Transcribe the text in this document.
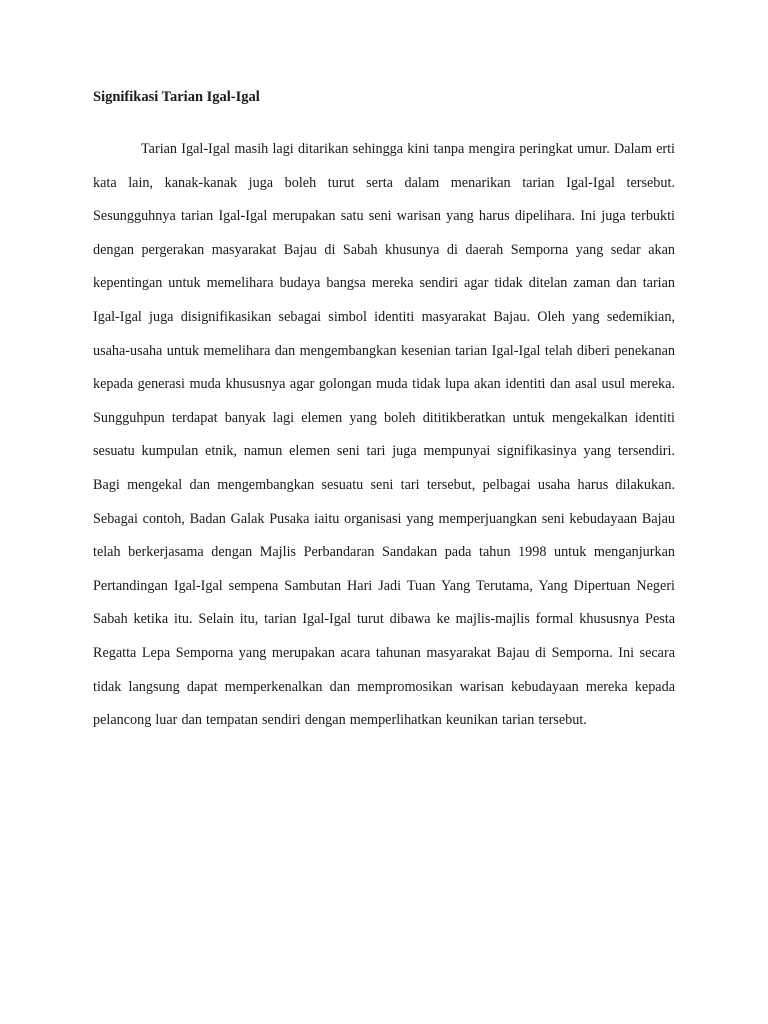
Signifikasi Tarian Igal-Igal

Tarian Igal-Igal masih lagi ditarikan sehingga kini tanpa mengira peringkat umur. Dalam erti kata lain, kanak-kanak juga boleh turut serta dalam menarikan tarian Igal-Igal tersebut. Sesungguhnya tarian Igal-Igal merupakan satu seni warisan yang harus dipelihara. Ini juga terbukti dengan pergerakan masyarakat Bajau di Sabah khusunya di daerah Semporna yang sedar akan kepentingan untuk memelihara budaya bangsa mereka sendiri agar tidak ditelan zaman dan tarian Igal-Igal juga disignifikasikan sebagai simbol identiti masyarakat Bajau. Oleh yang sedemikian, usaha-usaha untuk memelihara dan mengembangkan kesenian tarian Igal-Igal telah diberi penekanan kepada generasi muda khususnya agar golongan muda tidak lupa akan identiti dan asal usul mereka. Sungguhpun terdapat banyak lagi elemen yang boleh dititikberatkan untuk mengekalkan identiti sesuatu kumpulan etnik, namun elemen seni tari juga mempunyai signifikasinya yang tersendiri. Bagi mengekal dan mengembangkan sesuatu seni tari tersebut, pelbagai usaha harus dilakukan. Sebagai contoh, Badan Galak Pusaka iaitu organisasi yang memperjuangkan seni kebudayaan Bajau telah berkerjasama dengan Majlis Perbandaran Sandakan pada tahun 1998 untuk menganjurkan Pertandingan Igal-Igal sempena Sambutan Hari Jadi Tuan Yang Terutama, Yang Dipertuan Negeri Sabah ketika itu. Selain itu, tarian Igal-Igal turut dibawa ke majlis-majlis formal khususnya Pesta Regatta Lepa Semporna yang merupakan acara tahunan masyarakat Bajau di Semporna. Ini secara tidak langsung dapat memperkenalkan dan mempromosikan warisan kebudayaan mereka kepada pelancong luar dan tempatan sendiri dengan memperlihatkan keunikan tarian tersebut.
